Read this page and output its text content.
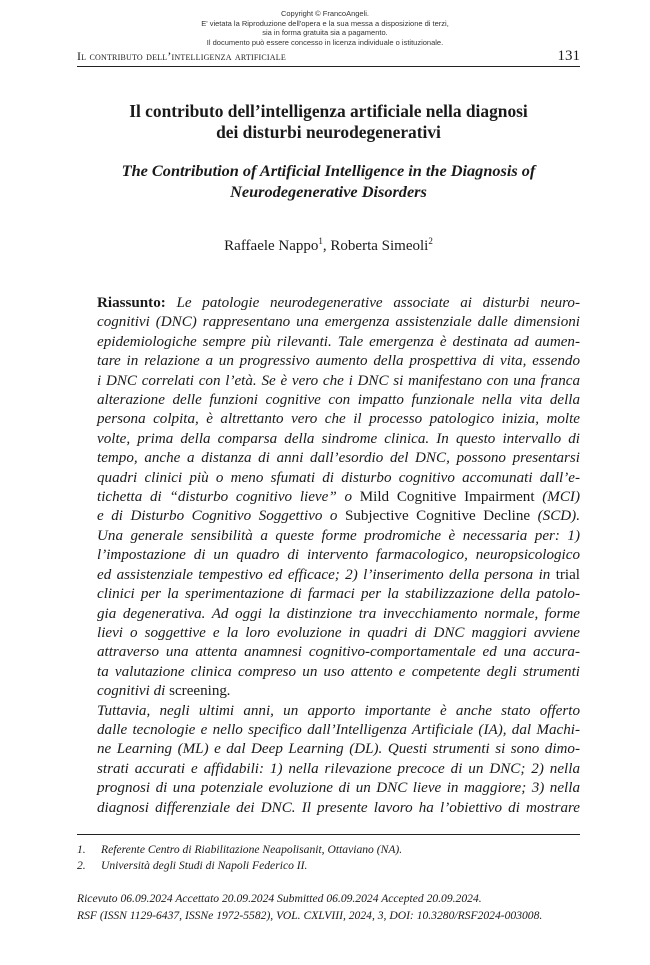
Copyright © FrancoAngeli.
E' vietata la Riproduzione dell'opera e la sua messa a disposizione di terzi,
sia in forma gratuita sia a pagamento.
Il documento può essere concesso in licenza individuale o istituzionale.
Il contributo dell’intelligenza artificiale	131
Il contributo dell’intelligenza artificiale nella diagnosi
dei disturbi neurodegenerativi
The Contribution of Artificial Intelligence in the Diagnosis of
Neurodegenerative Disorders
Raffaele Nappo$^1$, Roberta Simeoli$^2$

Riassunto: Le patologie neurodegenerative associate ai disturbi neuro-
cognitivi (DNC) rappresentano una emergenza assistenziale dalle dimensioni
epidemiologiche sempre più rilevanti. Tale emergenza è destinata ad aumen-
tare in relazione a un progressivo aumento della prospettiva di vita, essendo
i DNC correlati con l’età. Se è vero che i DNC si manifestano con una franca
alterazione delle funzioni cognitive con impatto funzionale nella vita della
persona colpita, è altrettanto vero che il processo patologico inizia, molte
volte, prima della comparsa della sindrome clinica. In questo intervallo di
tempo, anche a distanza di anni dall’esordio del DNC, possono presentarsi
quadri clinici più o meno sfumati di disturbo cognitivo accomunati dall’e-
tichetta di “disturbo cognitivo lieve” o Mild Cognitive Impairment (MCI)
e di Disturbo Cognitivo Soggettivo o Subjective Cognitive Decline (SCD).
Una generale sensibilità a queste forme prodromiche è necessaria per: 1)
l’impostazione di un quadro di intervento farmacologico, neuropsicologico
ed assistenziale tempestivo ed efficace; 2) l’inserimento della persona in trial
clinici per la sperimentazione di farmaci per la stabilizzazione della patolo-
gia degenerativa. Ad oggi la distinzione tra invecchiamento normale, forme
lievi o soggettive e la loro evoluzione in quadri di DNC maggiori avviene
attraverso una attenta anamnesi cognitivo-comportamentale ed una accura-
ta valutazione clinica compreso un uso attento e competente degli strumenti
cognitivi di screening.

Tuttavia, negli ultimi anni, un apporto importante è anche stato offerto
dalle tecnologie e nello specifico dall’Intelligenza Artificiale (IA), dal Machi-
ne Learning (ML) e dal Deep Learning (DL). Questi strumenti si sono dimo-
strati accurati e affidabili: 1) nella rilevazione precoce di un DNC; 2) nella
prognosi di una potenziale evoluzione di un DNC lieve in maggiore; 3) nella
diagnosi differenziale dei DNC. Il presente lavoro ha l’obiettivo di mostrare

1.	Referente Centro di Riabilitazione Neapolisanit, Ottaviano (NA).
2.	Università degli Studi di Napoli Federico II.
Ricevuto 06.09.2024 Accettato 20.09.2024 Submitted 06.09.2024 Accepted 20.09.2024.
RSF (ISSN 1129-6437, ISSNe 1972-5582), VOL. CXLVIII, 2024, 3, DOI: 10.3280/RSF2024-003008.
